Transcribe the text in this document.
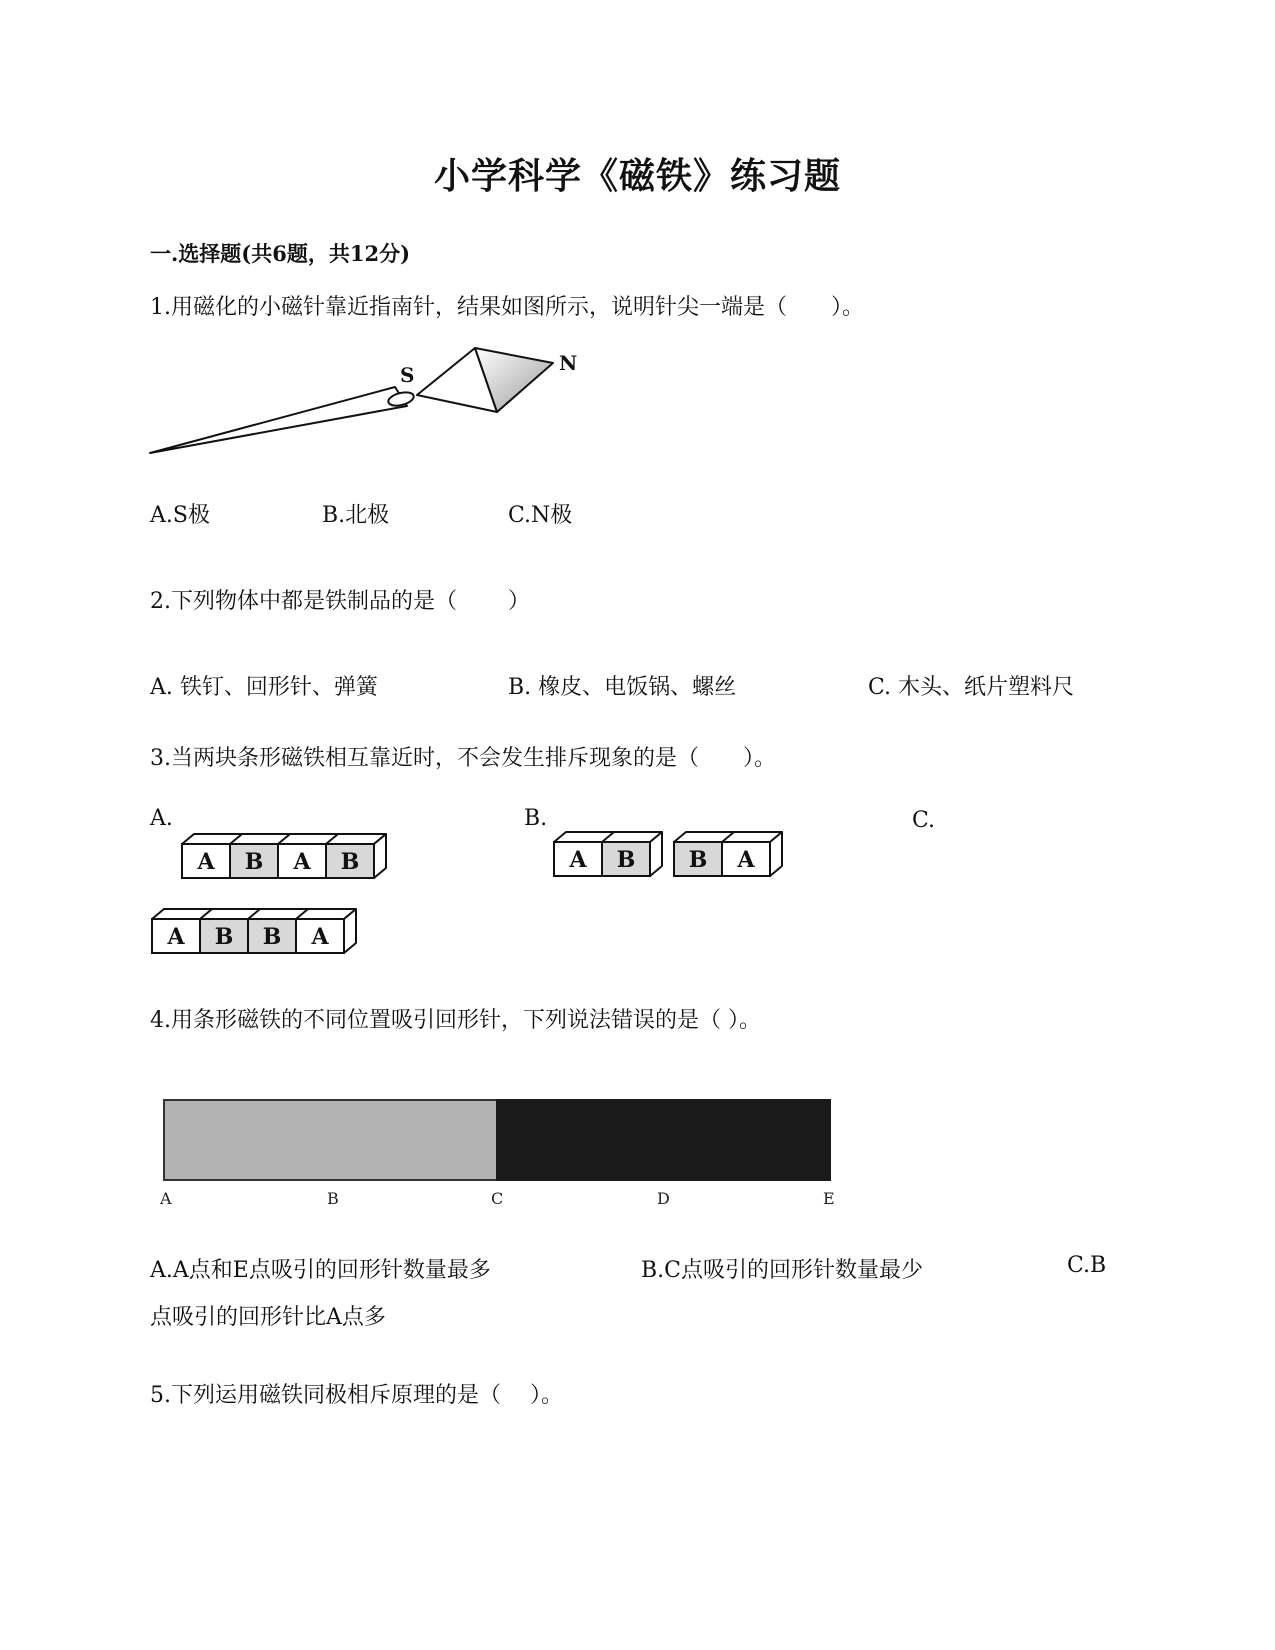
小学科学《磁铁》练习题
一.选择题(共6题，共12分)
1.用磁化的小磁针靠近指南针，结果如图所示，说明针尖一端是（　　）。
S	N
A.S极	B.北极	C.N极
2.下列物体中都是铁制品的是（　　 ）
A. 铁钉、回形针、弹簧	B. 橡皮、电饭锅、螺丝	C. 木头、纸片塑料尺
3.当两块条形磁铁相互靠近时，不会发生排斥现象的是（　　）。
A.
A B A B
B.
A B B A
C.
A B B A
4.用条形磁铁的不同位置吸引回形针，下列说法错误的是（ ）。
A	B	C	D	E
A.A点和E点吸引的回形针数量最多	B.C点吸引的回形针数量最少	C.B
点吸引的回形针比A点多
5.下列运用磁铁同极相斥原理的是（　 ）。
